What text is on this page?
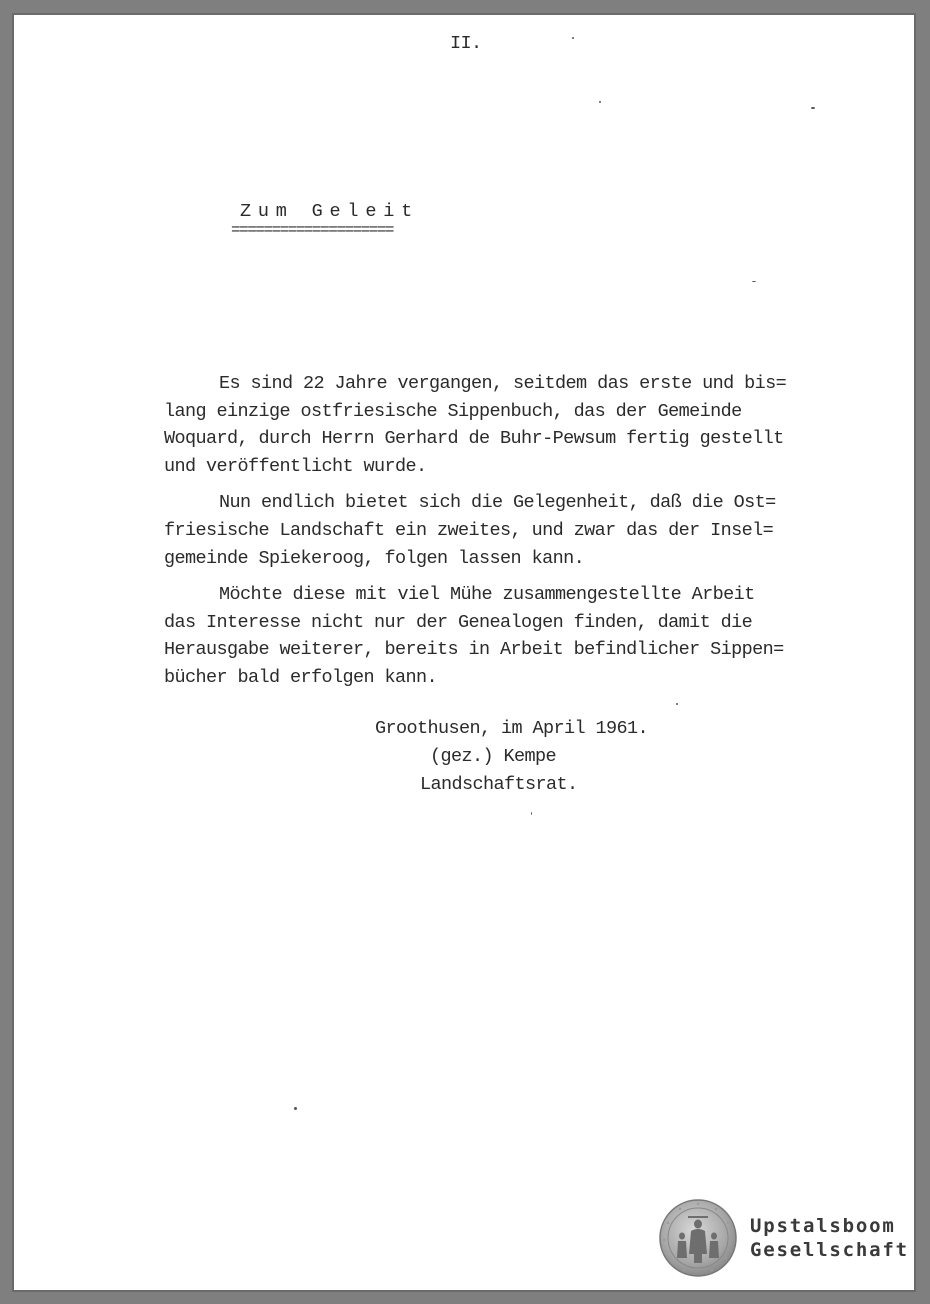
II.
Zum Geleit
====================
Es sind 22 Jahre vergangen, seitdem das erste und bis=
lang einzige ostfriesische Sippenbuch, das der Gemeinde
Woquard, durch Herrn Gerhard de Buhr-Pewsum fertig gestellt
und veröffentlicht wurde.
Nun endlich bietet sich die Gelegenheit, daß die Ost=
friesische Landschaft ein zweites, und zwar das der Insel=
gemeinde Spiekeroog, folgen lassen kann.
Möchte diese mit viel Mühe zusammengestellte Arbeit
das Interesse nicht nur der Genealogen finden, damit die
Herausgabe weiterer, bereits in Arbeit befindlicher Sippen=
bücher bald erfolgen kann.
Groothusen, im April 1961.
(gez.) Kempe
Landschaftsrat.
Upstalsboom
Gesellschaft
